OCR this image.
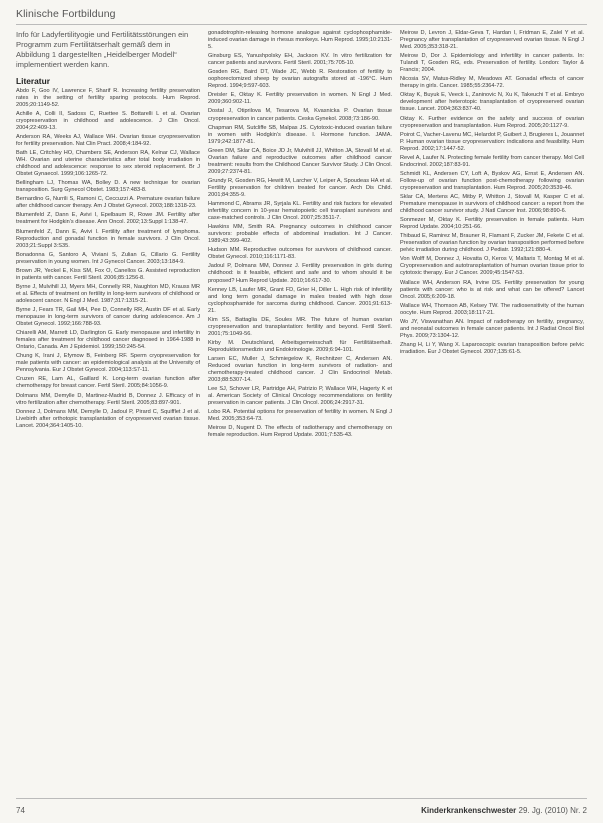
Klinische Fortbildung

Info für Ladyfertilityogie und Fertilitätsstörungen ein Programm zum Fertilitätserhalt gemäß dem in Abbildung 1 dargestellten „Heidelberger Modell“ implementiert werden kann.

Literatur

Abdo F, Goo IV, Lawrence F, Sharif R. Increasing fertility preservation rates in the setting of fertility sparing protocols. Hum Reprod. 2005;20:1149-52.

Achille A, Colli II, Sadoss C, Ruettee S. Bottarelli L et al. Ovarian cryopreservation in childhood and adolescence. J Clin Oncol. 2004;22:409-13.

Anderson RA, Weeks AJ, Wallace WH. Ovarian tissue cryopreservation for fertility preservation. Nat Clin Pract. 2008;4:184-92.

Bath LE, Critchley HO, Chambers SE, Anderson RA, Kelnar CJ, Wallace WH. Ovarian and uterine characteristics after total body irradiation in childhood and adolescence: response to sex steroid replacement. Br J Obstet Gynaecol. 1999;106:1265-72.

Bellingham LJ, Thomas WA, Bolley D. A new technique for ovarian transposition. Surg Gynecol Obstet. 1983;157:483-8.

Bernardino G, Nurrili S, Ramoni C, Ceccuzzi A. Premature ovarian failure after childhood cancer therapy. Am J Obstet Gynecol. 2003;188:1318-23.

Blumenfeld Z, Dann E, Avivi I, Epelbaum R, Rowe JM. Fertility after treatment for Hodgkin’s disease. Ann Oncol. 2002;13:Suppl 1:138-47.

Blumenfeld Z, Dann E, Avivi I. Fertility after treatment of lymphoma. Reproduction and gonadal function in female survivors. J Clin Oncol. 2003;21:Suppl 3:S35.

Bonadonna G, Santoro A, Viviani S, Zulian G, Cillario G. Fertility preservation in young women. Int J Gynecol Cancer. 2003;13:184-9.

Brown JR, Yeckel E, Kiss SM, Fox O, Canellos G. Assisted reproduction in patients with cancer. Fertil Steril. 2006;85:1256-8.

Byrne J, Mulvihill JJ, Myers MH, Connelly RR, Naughton MD, Krauss MR et al. Effects of treatment on fertility in long-term survivors of childhood or adolescent cancer. N Engl J Med. 1987;317:1315-21.

Byrne J, Fears TR, Gail MH, Pee D, Connelly RR, Austin DF et al. Early menopause in long-term survivors of cancer during adolescence. Am J Obstet Gynecol. 1992;166:788-93.

Chiarelli AM, Marrett LD, Darlington G. Early menopause and infertility in females after treatment for childhood cancer diagnosed in 1964-1988 in Ontario, Canada. Am J Epidemiol. 1999;150:245-54.

Chung K, Irani J, Efymow B, Feinberg RF. Sperm cryopreservation for male patients with cancer: an epidemiological analysis at the University of Pennsylvania. Eur J Obstet Gynecol. 2004;113:S7-11.

Cruzen RE, Lam AL, Gaillard K. Long-term ovarian function after chemotherapy for breast cancer. Fertil Steril. 2005;84:1056-9.

Dolmans MM, Demylle D, Martinez-Madrid B, Donnez J. Efficacy of in vitro fertilization after chemotherapy. Fertil Steril. 2005;83:897-901.

Donnez J, Dolmans MM, Demylle D, Jadoul P, Pirard C, Squifflet J et al. Livebirth after orthotopic transplantation of cryopreserved ovarian tissue. Lancet. 2004;364:1405-10.

gonadotrophin-releasing hormone analogue against cyclophosphamide-induced ovarian damage in rhesus monkeys. Hum Reprod. 1995;10:2131-5.

Ginsburg ES, Yanushpolsky EH, Jackson KV. In vitro fertilization for cancer patients and survivors. Fertil Steril. 2001;75:705-10.

Gosden RG, Baird DT, Wade JC, Webb R. Restoration of fertility to oophorectomized sheep by ovarian autografts stored at -196°C. Hum Reprod. 1994;9:597-603.

Dreisler E, Oktay K. Fertility preservation in women. N Engl J Med. 2009;360:902-11.

Dostal J, Otiprilova M, Tesarova M, Kvasnicka P. Ovarian tissue cryopreservation in cancer patients. Ceska Gynekol. 2008;73:186-90.

Chapman RM, Sutcliffe SB, Malpas JS. Cytotoxic-induced ovarian failure in women with Hodgkin’s disease. I. Hormone function. JAMA. 1979;242:1877-81.

Green DM, Sklar CA, Boice JD Jr, Mulvihill JJ, Whitton JA, Stovall M et al. Ovarian failure and reproductive outcomes after childhood cancer treatment: results from the Childhood Cancer Survivor Study. J Clin Oncol. 2009;27:2374-81.

Grundy R, Gosden RG, Hewitt M, Larcher V, Leiper A, Spoudeas HA et al. Fertility preservation for children treated for cancer. Arch Dis Child. 2001;84:355-9.

Hammond C, Abrams JR, Syrjala KL. Fertility and risk factors for elevated infertility concern in 10-year hematopoietic cell transplant survivors and case-matched controls. J Clin Oncol. 2007;25:3511-7.

Hawkins MM, Smith RA. Pregnancy outcomes in childhood cancer survivors: probable effects of abdominal irradiation. Int J Cancer. 1989;43:399-402.

Hudson MM. Reproductive outcomes for survivors of childhood cancer. Obstet Gynecol. 2010;116:1171-83.

Jadoul P, Dolmans MM, Donnez J. Fertility preservation in girls during childhood: is it feasible, efficient and safe and to whom should it be proposed? Hum Reprod Update. 2010;16:617-30.

Kenney LB, Laufer MR, Grant FD, Grier H, Diller L. High risk of infertility and long term gonadal damage in males treated with high dose cyclophosphamide for sarcoma during childhood. Cancer. 2001;91:613-21.

Kim SS, Battaglia DE, Soules MR. The future of human ovarian cryopreservation and transplantation: fertility and beyond. Fertil Steril. 2001;75:1049-56.

Kirby M. Deutschland, Arbeitsgemeinschaft für Fertilitätserhalt. Reproduktionsmedizin und Endokrinologie. 2009;6:94-101.

Larsen EC, Muller J, Schmiegelow K, Rechnitzer C, Andersen AN. Reduced ovarian function in long-term survivors of radiation- and chemotherapy-treated childhood cancer. J Clin Endocrinol Metab. 2003;88:5307-14.

Lee SJ, Schover LR, Partridge AH, Patrizio P, Wallace WH, Hagerty K et al. American Society of Clinical Oncology recommendations on fertility preservation in cancer patients. J Clin Oncol. 2006;24:2917-31.

Lobo RA. Potential options for preservation of fertility in women. N Engl J Med. 2005;353:64-73.

Meirow D, Nugent D. The effects of radiotherapy and chemotherapy on female reproduction. Hum Reprod Update. 2001;7:535-43.

Meirow D, Levron J, Eldar-Geva T, Hardan I, Fridman E, Zalel Y et al. Pregnancy after transplantation of cryopreserved ovarian tissue. N Engl J Med. 2005;353:318-21.

Meirow D, Dor J. Epidemiology and infertility in cancer patients. In: Tulandi T, Gosden RG, eds. Preservation of fertility. London: Taylor & Francis; 2004.

Nicosia SV, Matus-Ridley M, Meadows AT. Gonadal effects of cancer therapy in girls. Cancer. 1985;55:2364-72.

Oktay K, Buyuk E, Veeck L, Zaninovic N, Xu K, Takeuchi T et al. Embryo development after heterotopic transplantation of cryopreserved ovarian tissue. Lancet. 2004;363:837-40.

Oktay K. Further evidence on the safety and success of ovarian cryopreservation and transplantation. Hum Reprod. 2005;20:1127-9.

Poirot C, Vacher-Lavenu MC, Helardot P, Guibert J, Brugieres L, Jouannet P. Human ovarian tissue cryopreservation: indications and feasibility. Hum Reprod. 2002;17:1447-52.

Revel A, Laufer N. Protecting female fertility from cancer therapy. Mol Cell Endocrinol. 2002;187:83-91.

Schmidt KL, Andersen CY, Loft A, Byskov AG, Ernst E, Andersen AN. Follow-up of ovarian function post-chemotherapy following ovarian cryopreservation and transplantation. Hum Reprod. 2005;20:3539-46.

Sklar CA, Mertens AC, Mitby P, Whitton J, Stovall M, Kasper C et al. Premature menopause in survivors of childhood cancer: a report from the childhood cancer survivor study. J Natl Cancer Inst. 2006;98:890-6.

Sonmezer M, Oktay K. Fertility preservation in female patients. Hum Reprod Update. 2004;10:251-66.

Thibaud E, Ramirez M, Brauner R, Flamant F, Zucker JM, Fekete C et al. Preservation of ovarian function by ovarian transposition performed before pelvic irradiation during childhood. J Pediatr. 1992;121:880-4.

Von Wolff M, Donnez J, Hovatta O, Keros V, Maltaris T, Montag M et al. Cryopreservation and autotransplantation of human ovarian tissue prior to cytotoxic therapy. Eur J Cancer. 2009;45:1547-53.

Wallace WH, Anderson RA, Irvine DS. Fertility preservation for young patients with cancer: who is at risk and what can be offered? Lancet Oncol. 2005;6:209-18.

Wallace WH, Thomson AB, Kelsey TW. The radiosensitivity of the human oocyte. Hum Reprod. 2003;18:117-21.

Wo JY, Viswanathan AN. Impact of radiotherapy on fertility, pregnancy, and neonatal outcomes in female cancer patients. Int J Radiat Oncol Biol Phys. 2009;73:1304-12.

Zhang H, Li Y, Wang X. Laparoscopic ovarian transposition before pelvic irradiation. Eur J Obstet Gynecol. 2007;135:61-5.

74	Kinderkrankenschwester 29. Jg. (2010) Nr. 2
